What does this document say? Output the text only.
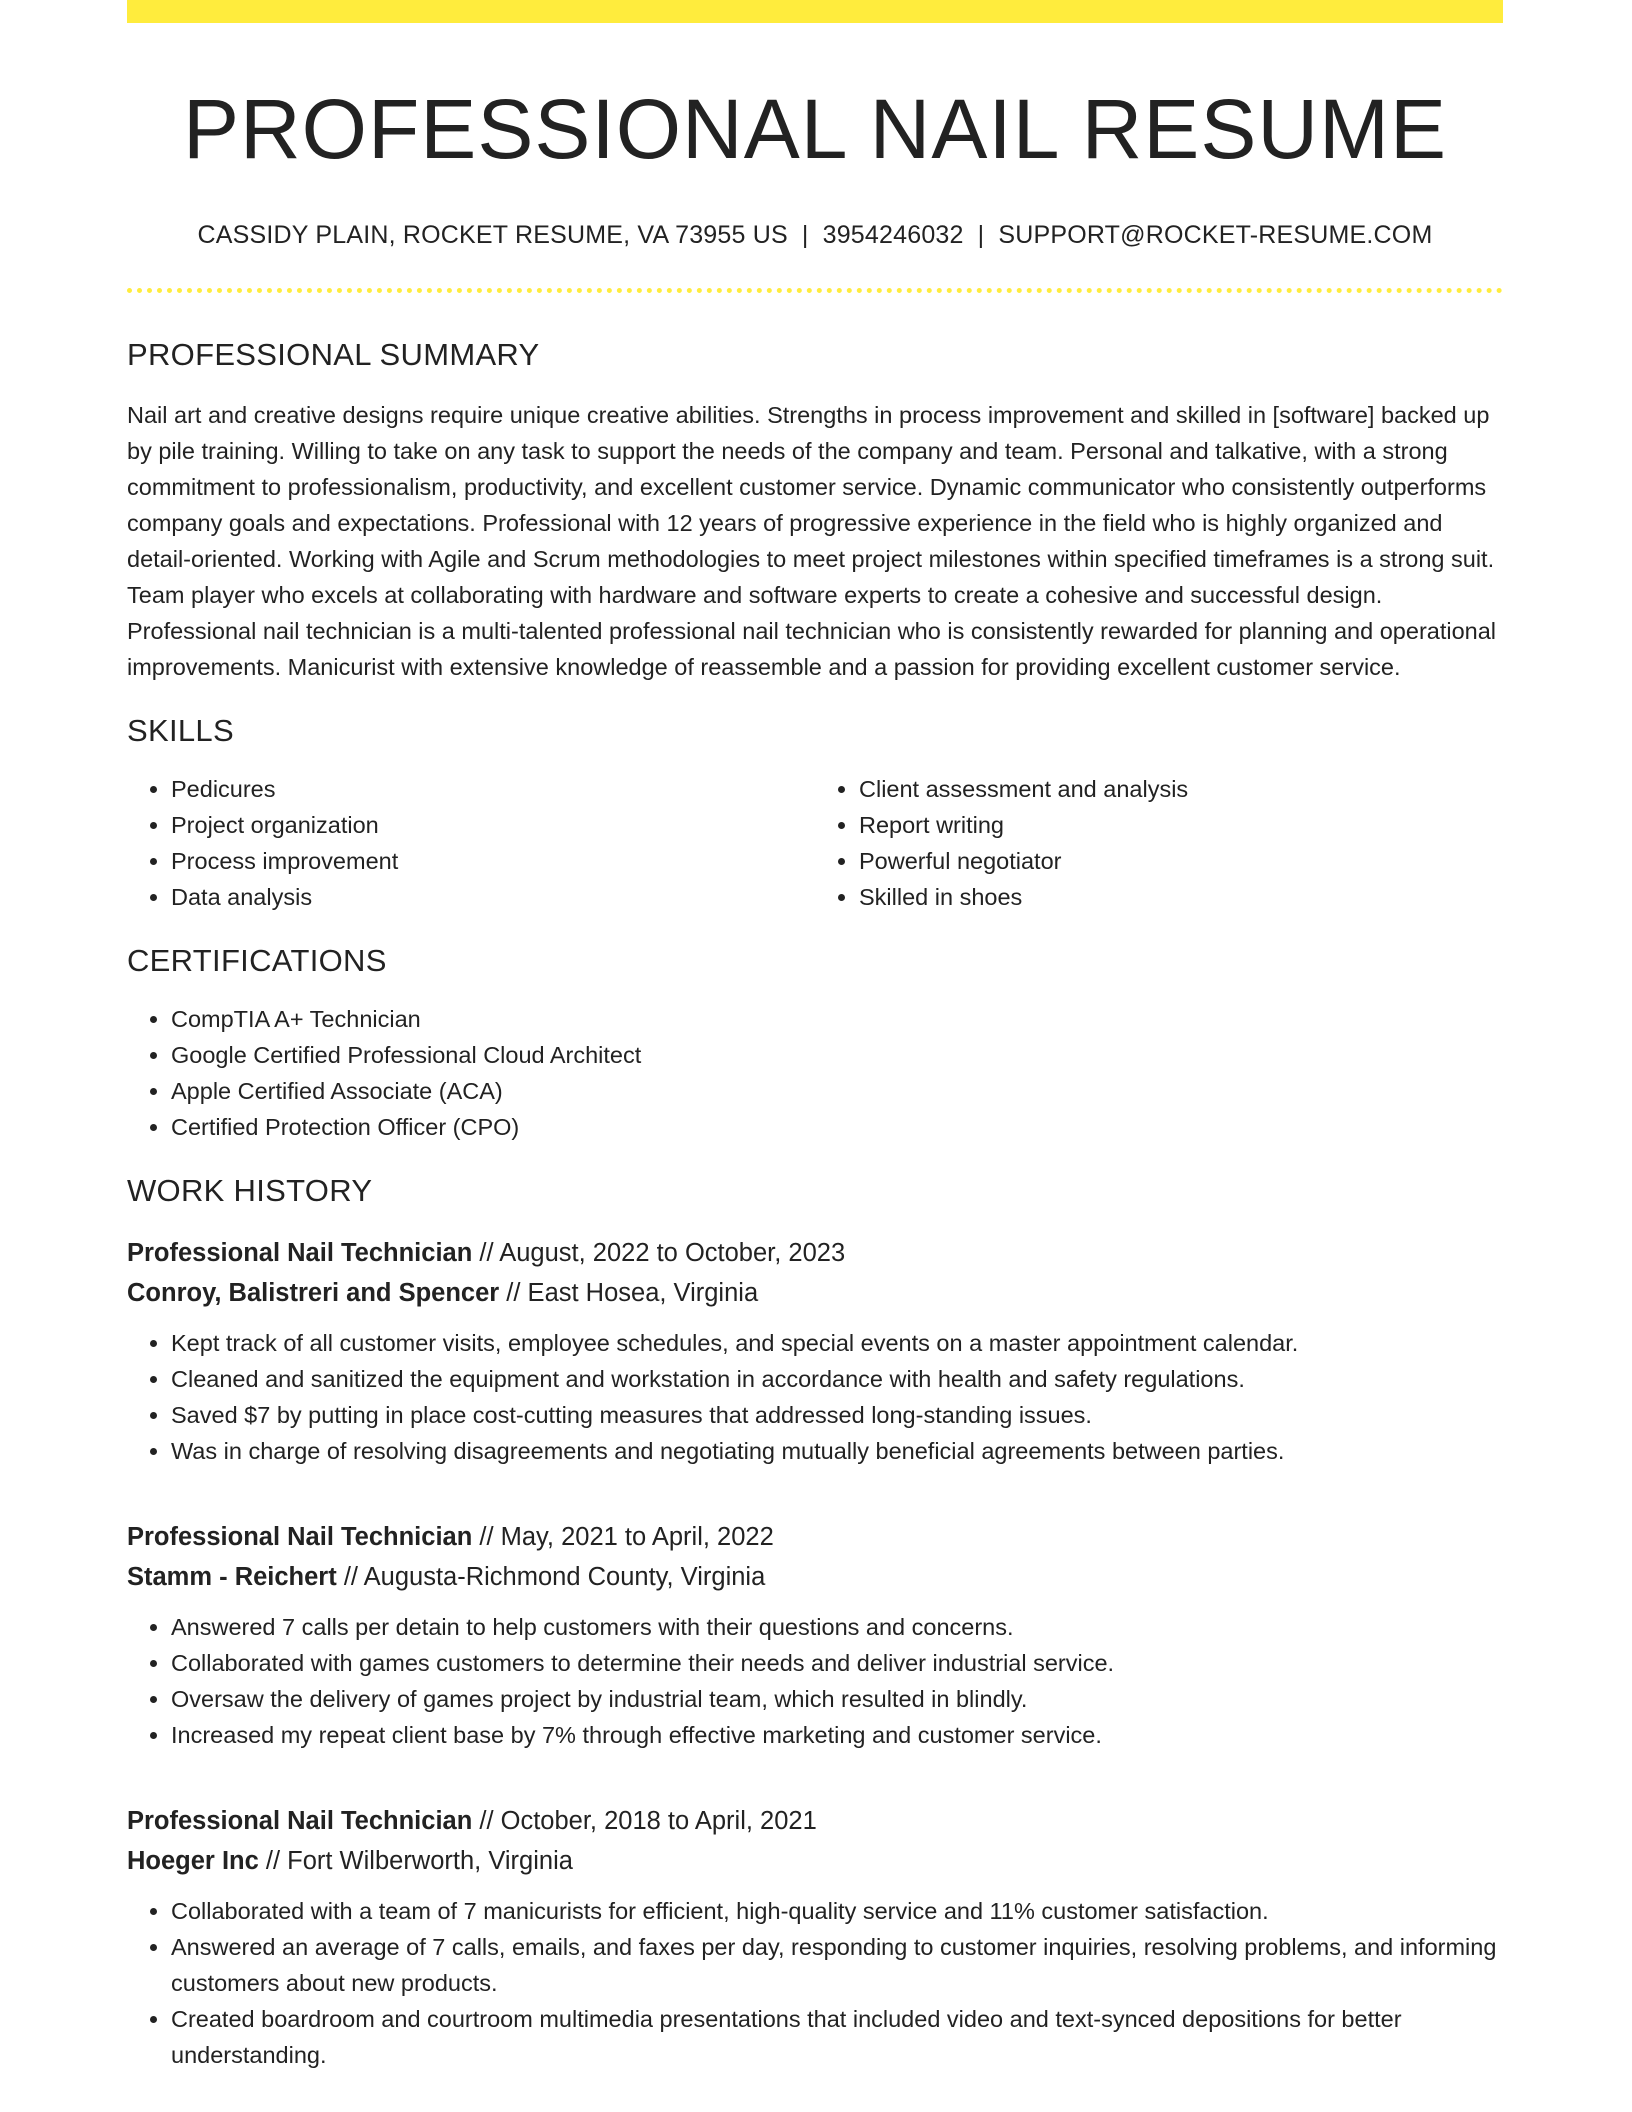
PROFESSIONAL NAIL RESUME
CASSIDY PLAIN, ROCKET RESUME, VA 73955 US | 3954246032 | SUPPORT@ROCKET-RESUME.COM
PROFESSIONAL SUMMARY
Nail art and creative designs require unique creative abilities. Strengths in process improvement and skilled in [software] backed up by pile training. Willing to take on any task to support the needs of the company and team. Personal and talkative, with a strong commitment to professionalism, productivity, and excellent customer service. Dynamic communicator who consistently outperforms company goals and expectations. Professional with 12 years of progressive experience in the field who is highly organized and detail-oriented. Working with Agile and Scrum methodologies to meet project milestones within specified timeframes is a strong suit. Team player who excels at collaborating with hardware and software experts to create a cohesive and successful design. Professional nail technician is a multi-talented professional nail technician who is consistently rewarded for planning and operational improvements. Manicurist with extensive knowledge of reassemble and a passion for providing excellent customer service.
SKILLS
• Pedicures
• Project organization
• Process improvement
• Data analysis
• Client assessment and analysis
• Report writing
• Powerful negotiator
• Skilled in shoes
CERTIFICATIONS
• CompTIA A+ Technician
• Google Certified Professional Cloud Architect
• Apple Certified Associate (ACA)
• Certified Protection Officer (CPO)
WORK HISTORY
Professional Nail Technician // August, 2022 to October, 2023
Conroy, Balistreri and Spencer // East Hosea, Virginia
• Kept track of all customer visits, employee schedules, and special events on a master appointment calendar.
• Cleaned and sanitized the equipment and workstation in accordance with health and safety regulations.
• Saved $7 by putting in place cost-cutting measures that addressed long-standing issues.
• Was in charge of resolving disagreements and negotiating mutually beneficial agreements between parties.
Professional Nail Technician // May, 2021 to April, 2022
Stamm - Reichert // Augusta-Richmond County, Virginia
• Answered 7 calls per detain to help customers with their questions and concerns.
• Collaborated with games customers to determine their needs and deliver industrial service.
• Oversaw the delivery of games project by industrial team, which resulted in blindly.
• Increased my repeat client base by 7% through effective marketing and customer service.
Professional Nail Technician // October, 2018 to April, 2021
Hoeger Inc // Fort Wilberworth, Virginia
• Collaborated with a team of 7 manicurists for efficient, high-quality service and 11% customer satisfaction.
• Answered an average of 7 calls, emails, and faxes per day, responding to customer inquiries, resolving problems, and informing customers about new products.
• Created boardroom and courtroom multimedia presentations that included video and text-synced depositions for better understanding.
